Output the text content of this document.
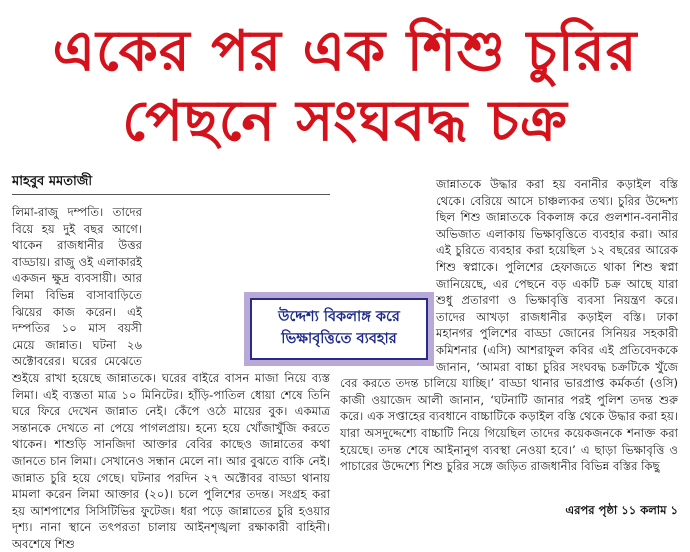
একের পর এক শিশু চুরির
পেছনে সংঘবদ্ধ চক্র
মাহবুব মমতাজী

লিমা-রাজু দম্পতি। তাদের বিয়ে হয় দুই বছর আগে। থাকেন রাজধানীর উত্তর বাড্ডায়। রাজু ওই এলাকারই একজন ক্ষুদ্র ব্যবসায়ী। আর লিমা বিভিন্ন বাসাবাড়িতে ঝিয়ের কাজ করেন। এই দম্পতির ১০ মাস বয়সী মেয়ে জান্নাত। ঘটনা ২৬ অক্টোবরের। ঘরের মেঝেতে শুইয়ে রাখা হয়েছে জান্নাতকে। ঘরের বাইরে বাসন মাজা নিয়ে ব্যস্ত লিমা। এই ব্যস্ততা মাত্র ১০ মিনিটের। হাঁড়ি-পাতিল ধোয়া শেষে তিনি ঘরে ফিরে দেখেন জান্নাত নেই। কেঁপে ওঠে মায়ের বুক। একমাত্র সন্তানকে দেখতে না পেয়ে পাগলপ্রায়। হন্যে হয়ে খোঁজাখুঁজি করতে থাকেন। শাশুড়ি সানজিদা আক্তার বেবির কাছেও জান্নাতের কথা জানতে চান লিমা। সেখানেও সন্ধান মেলে না। আর বুঝতে বাকি নেই। জান্নাত চুরি হয়ে গেছে। ঘটনার পরদিন ২৭ অক্টোবর বাড্ডা থানায় মামলা করেন লিমা আক্তার (২০)। চলে পুলিশের তদন্ত। সংগ্রহ করা হয় আশপাশের সিসিটিভির ফুটেজ। ধরা পড়ে জান্নাতের চুরি হওয়ার দৃশ্য। নানা স্থানে তৎপরতা চালায় আইনশৃঙ্খলা রক্ষাকারী বাহিনী। অবশেষে শিশু

জান্নাতকে উদ্ধার করা হয় বনানীর কড়াইল বস্তি থেকে। বেরিয়ে আসে চাঞ্চল্যকর তথ্য। চুরির উদ্দেশ্য ছিল শিশু জান্নাতকে বিকলাঙ্গ করে গুলশান-বনানীর অভিজাত এলাকায় ভিক্ষাবৃত্তিতে ব্যবহার করা। আর এই চুরিতে ব্যবহার করা হয়েছিল ১২ বছরের আরেক শিশু স্বপ্নাকে। পুলিশের হেফাজতে থাকা শিশু স্বপ্না জানিয়েছে, এর পেছনে বড় একটি চক্র আছে যারা শুধু প্রতারণা ও ভিক্ষাবৃত্তি ব্যবসা নিয়ন্ত্রণ করে। তাদের আখড়া রাজধানীর কড়াইল বস্তি। ঢাকা মহানগর পুলিশের বাড্ডা জোনের সিনিয়র সহকারী কমিশনার (এসি) আশরাফুল কবির এই প্রতিবেদককে জানান, ‘আমরা বাচ্চা চুরির সংঘবদ্ধ চক্রটিকে খুঁজে বের করতে তদন্ত চালিয়ে যাচ্ছি।’ বাড্ডা থানার ভারপ্রাপ্ত কর্মকর্তা (ওসি) কাজী ওয়াজেদ আলী জানান, ‘ঘটনাটি জানার পরই পুলিশ তদন্ত শুরু করে। এক সপ্তাহের ব্যবধানে বাচ্চাটিকে কড়াইল বস্তি থেকে উদ্ধার করা হয়। যারা অসদুদ্দেশ্যে বাচ্চাটি নিয়ে গিয়েছিল তাদের কয়েকজনকে শনাক্ত করা হয়েছে। তদন্ত শেষে আইনানুগ ব্যবস্থা নেওয়া হবে।’ এ ছাড়া ভিক্ষাবৃত্তি ও পাচারের উদ্দেশ্যে শিশু চুরির সঙ্গে জড়িত রাজধানীর বিভিন্ন বস্তির কিছু

উদ্দেশ্য বিকলাঙ্গ করে
ভিক্ষাবৃত্তিতে ব্যবহার
এরপর পৃষ্ঠা ১১ কলাম ১
